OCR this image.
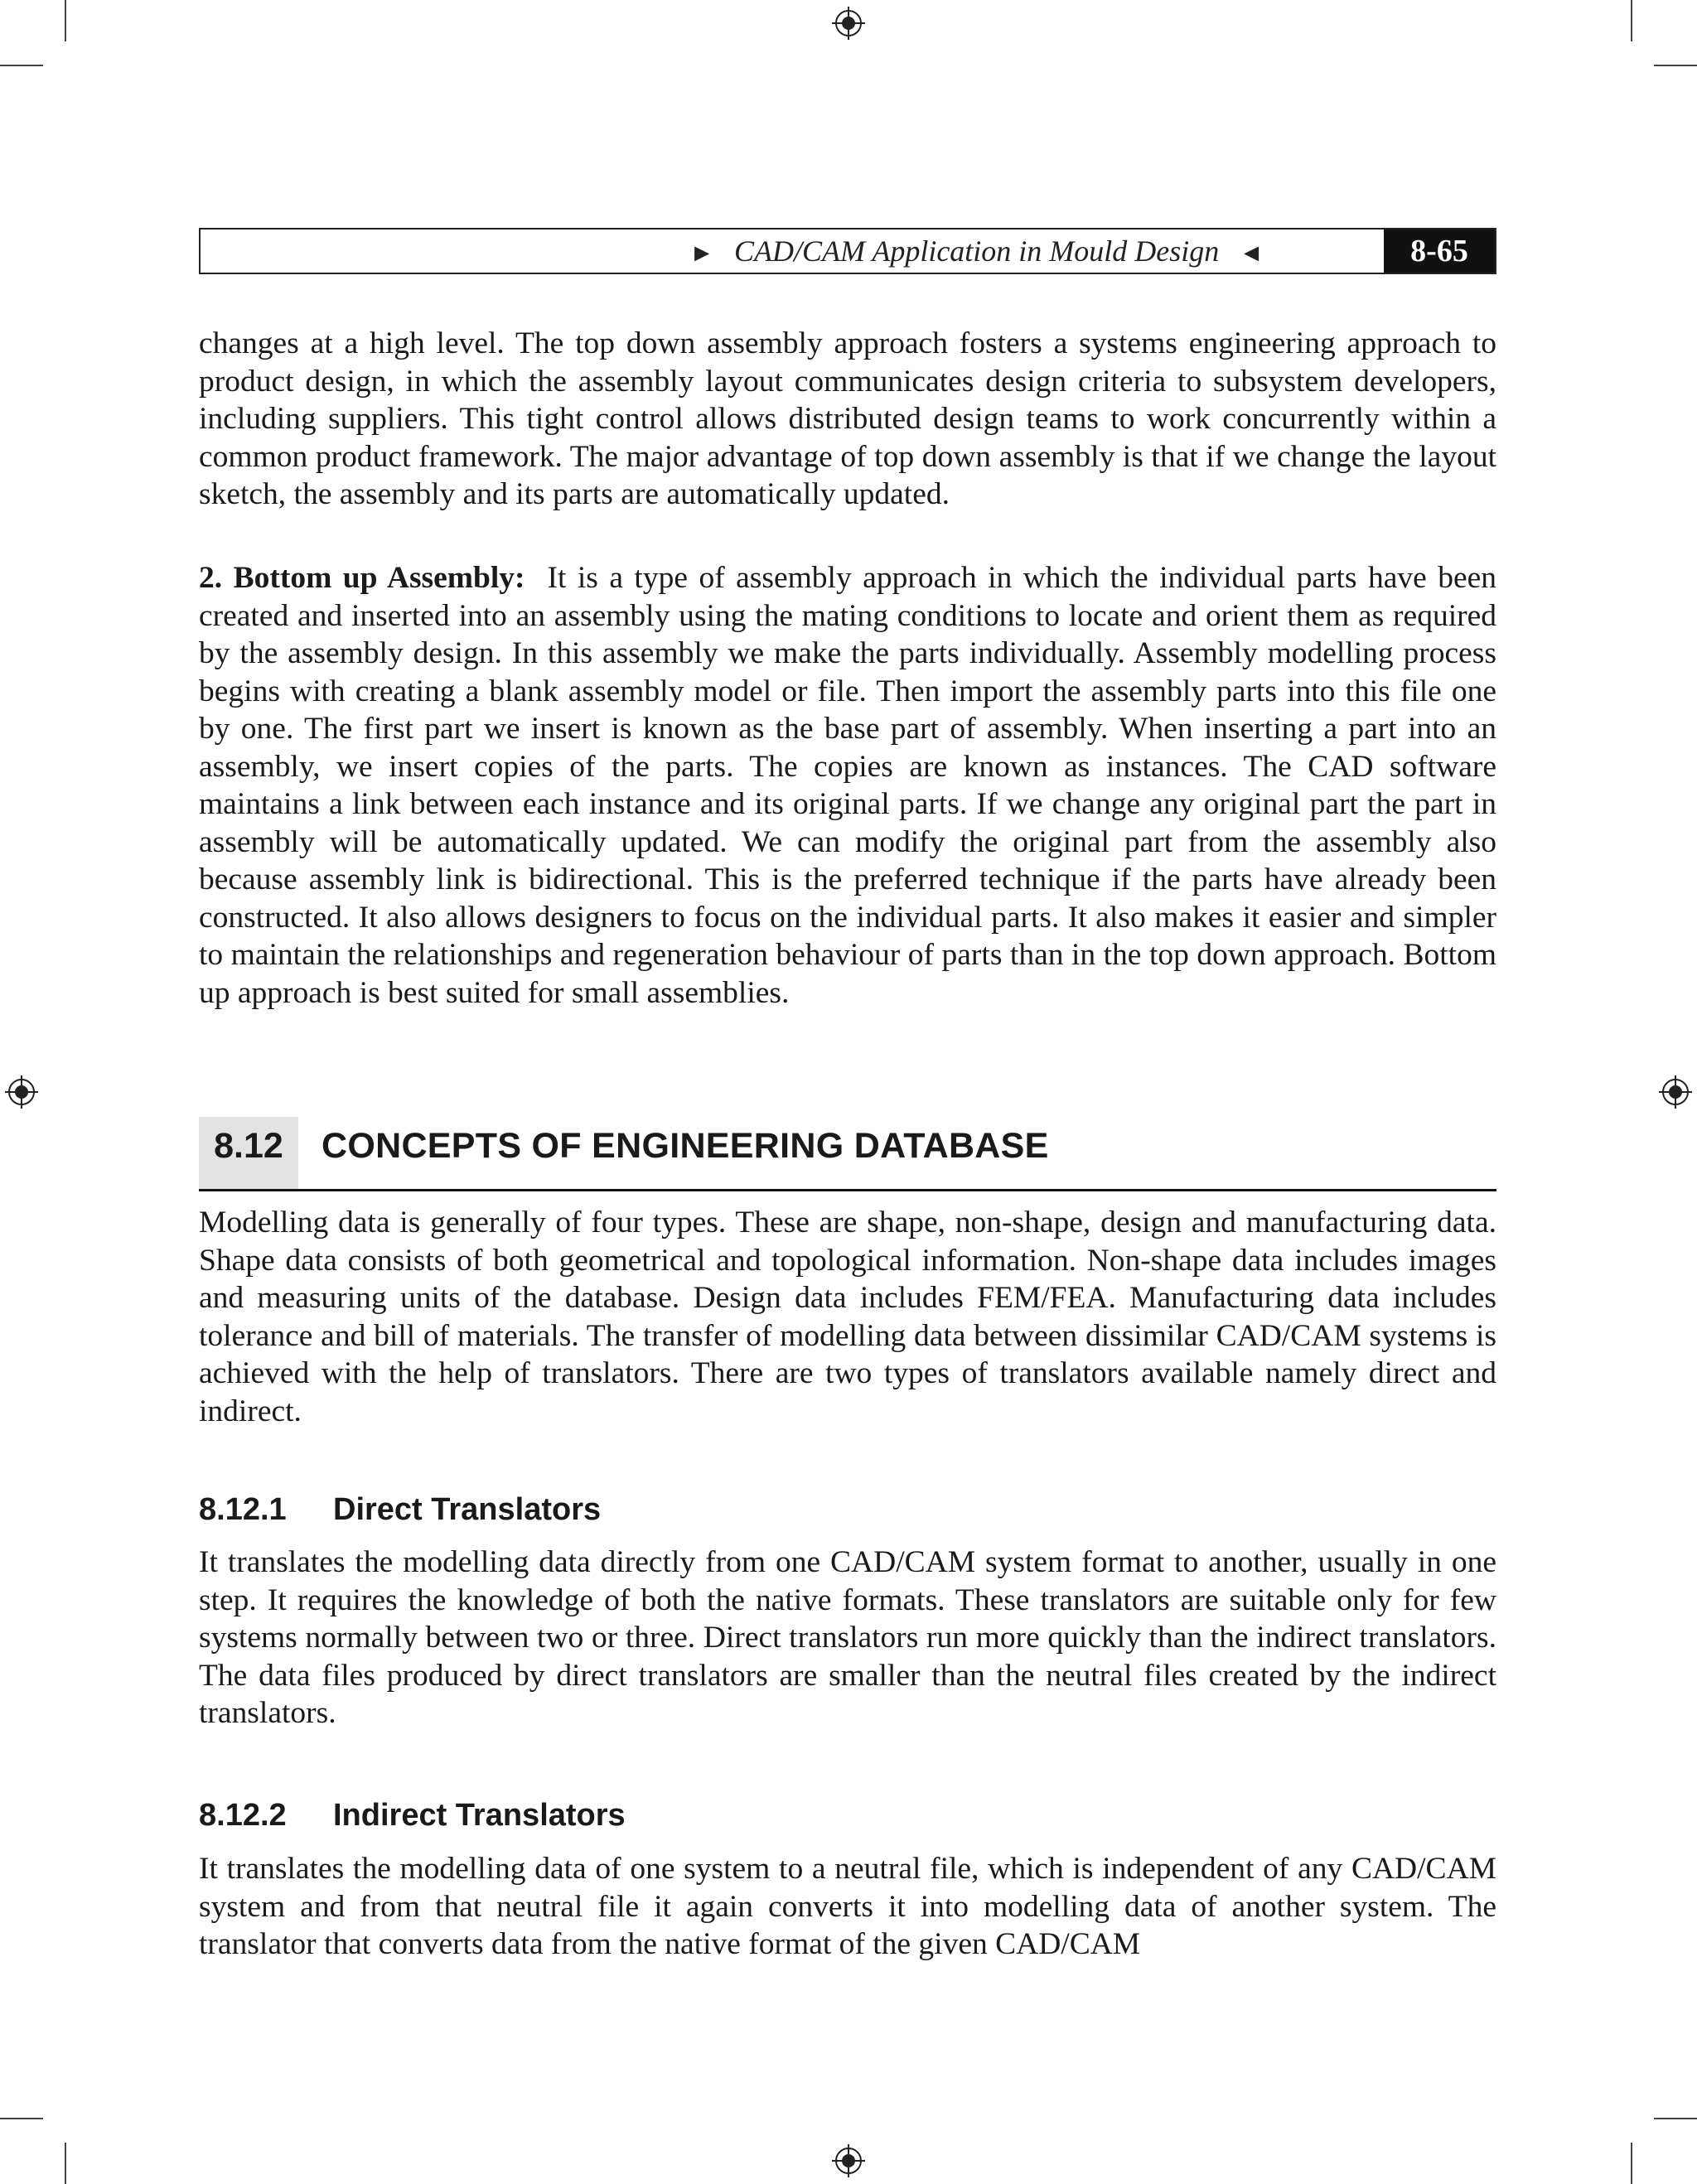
► CAD/CAM Application in Mould Design ◄	8-65

changes at a high level. The top down assembly approach fosters a systems engineering approach to product design, in which the assembly layout communicates design criteria to subsystem developers, including suppliers. This tight control allows distributed design teams to work concurrently within a common product framework. The major advantage of top down assembly is that if we change the layout sketch, the assembly and its parts are automatically updated.

2. Bottom up Assembly: It is a type of assembly approach in which the individual parts have been created and inserted into an assembly using the mating conditions to locate and orient them as required by the assembly design. In this assembly we make the parts individually. Assembly modelling process begins with creating a blank assembly model or file. Then import the assembly parts into this file one by one. The first part we insert is known as the base part of assembly. When inserting a part into an assembly, we insert copies of the parts. The copies are known as instances. The CAD software maintains a link between each instance and its original parts. If we change any original part the part in assembly will be automatically updated. We can modify the original part from the assembly also because assembly link is bidirectional. This is the preferred technique if the parts have already been constructed. It also allows designers to focus on the individual parts. It also makes it easier and simpler to maintain the relationships and regeneration behaviour of parts than in the top down approach. Bottom up approach is best suited for small assemblies.

8.12	CONCEPTS OF ENGINEERING DATABASE

Modelling data is generally of four types. These are shape, non-shape, design and manufacturing data. Shape data consists of both geometrical and topological information. Non-shape data includes images and measuring units of the database. Design data includes FEM/FEA. Manufacturing data includes tolerance and bill of materials. The transfer of modelling data between dissimilar CAD/CAM systems is achieved with the help of translators. There are two types of translators available namely direct and indirect.

8.12.1 Direct Translators

It translates the modelling data directly from one CAD/CAM system format to another, usually in one step. It requires the knowledge of both the native formats. These translators are suitable only for few systems normally between two or three. Direct translators run more quickly than the indirect translators. The data files produced by direct translators are smaller than the neutral files created by the indirect translators.

8.12.2 Indirect Translators

It translates the modelling data of one system to a neutral file, which is independent of any CAD/CAM system and from that neutral file it again converts it into modelling data of another system. The translator that converts data from the native format of the given CAD/CAM
